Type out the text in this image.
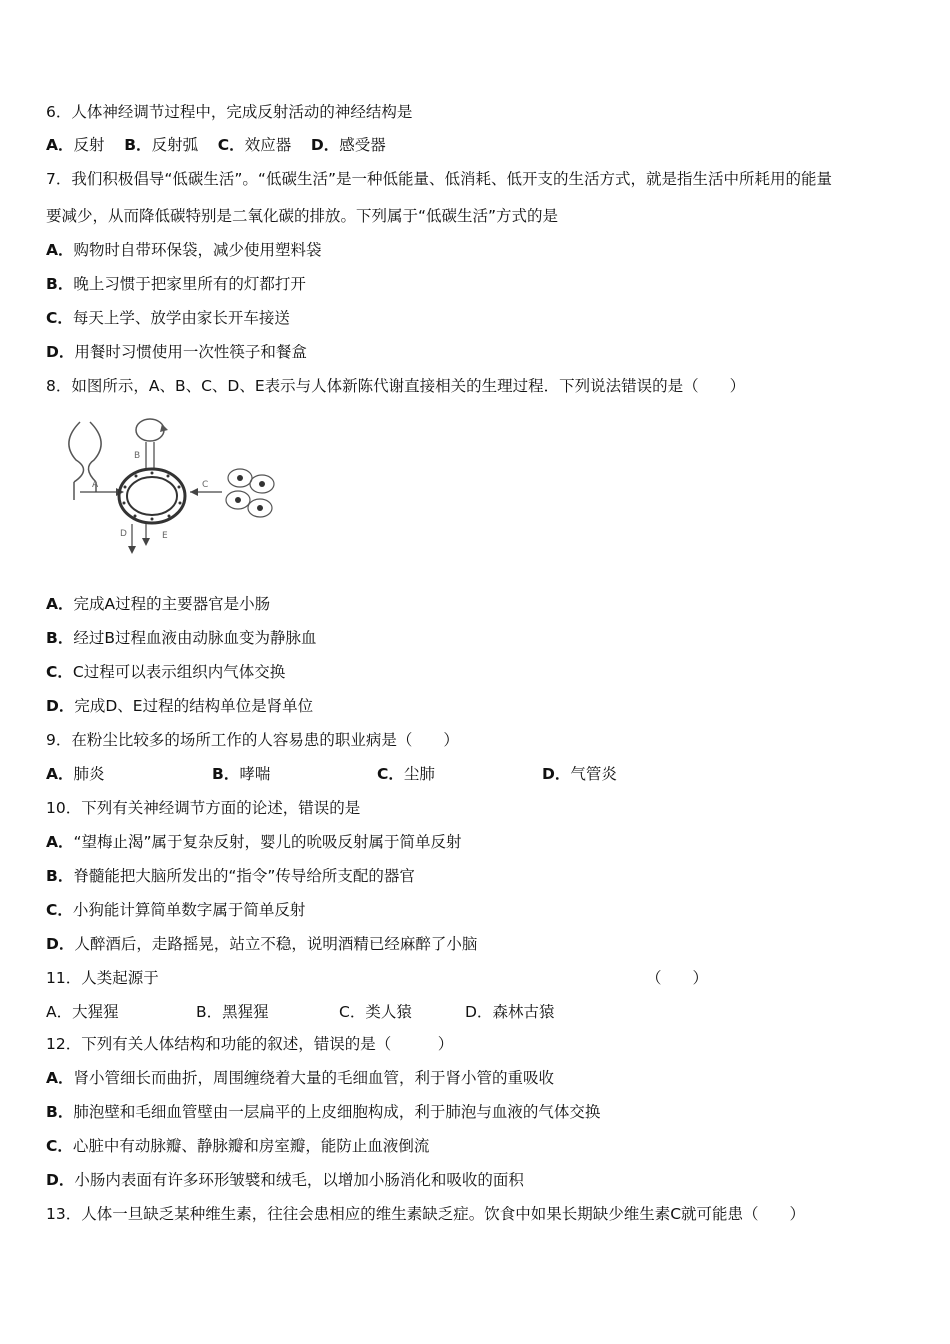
6．人体神经调节过程中，完成反射活动的神经结构是
A．反射 B．反射弧 C．效应器 D．感受器
7．我们积极倡导“低碳生活”。“低碳生活”是一种低能量、低消耗、低开支的生活方式，就是指生活中所耗用的能量
要减少，从而降低碳特别是二氧化碳的排放。下列属于“低碳生活”方式的是
A．购物时自带环保袋，减少使用塑料袋
B．晚上习惯于把家里所有的灯都打开
C．每天上学、放学由家长开车接送
D．用餐时习惯使用一次性筷子和餐盒
8．如图所示，A、B、C、D、E表示与人体新陈代谢直接相关的生理过程．下列说法错误的是（　　）
A
B
C
D	E
A．完成A过程的主要器官是小肠
B．经过B过程血液由动脉血变为静脉血
C．C过程可以表示组织内气体交换
D．完成D、E过程的结构单位是肾单位
9．在粉尘比较多的场所工作的人容易患的职业病是（　　）
A．肺炎	B．哮喘	C．尘肺	D．气管炎
10．下列有关神经调节方面的论述，错误的是
A．“望梅止渴”属于复杂反射，婴儿的吮吸反射属于简单反射
B．脊髓能把大脑所发出的“指令”传导给所支配的器官
C．小狗能计算简单数字属于简单反射
D．人醉酒后，走路摇晃，站立不稳，说明酒精已经麻醉了小脑
11．人类起源于	（　　）
A．大猩猩	B．黑猩猩	C．类人猿	D．森林古猿
12．下列有关人体结构和功能的叙述，错误的是（　　　）
A．肾小管细长而曲折，周围缠绕着大量的毛细血管，利于肾小管的重吸收
B．肺泡壁和毛细血管壁由一层扁平的上皮细胞构成，利于肺泡与血液的气体交换
C．心脏中有动脉瓣、静脉瓣和房室瓣，能防止血液倒流
D．小肠内表面有许多环形皱襞和绒毛，以增加小肠消化和吸收的面积
13．人体一旦缺乏某种维生素，往往会患相应的维生素缺乏症。饮食中如果长期缺少维生素C就可能患（　　）
